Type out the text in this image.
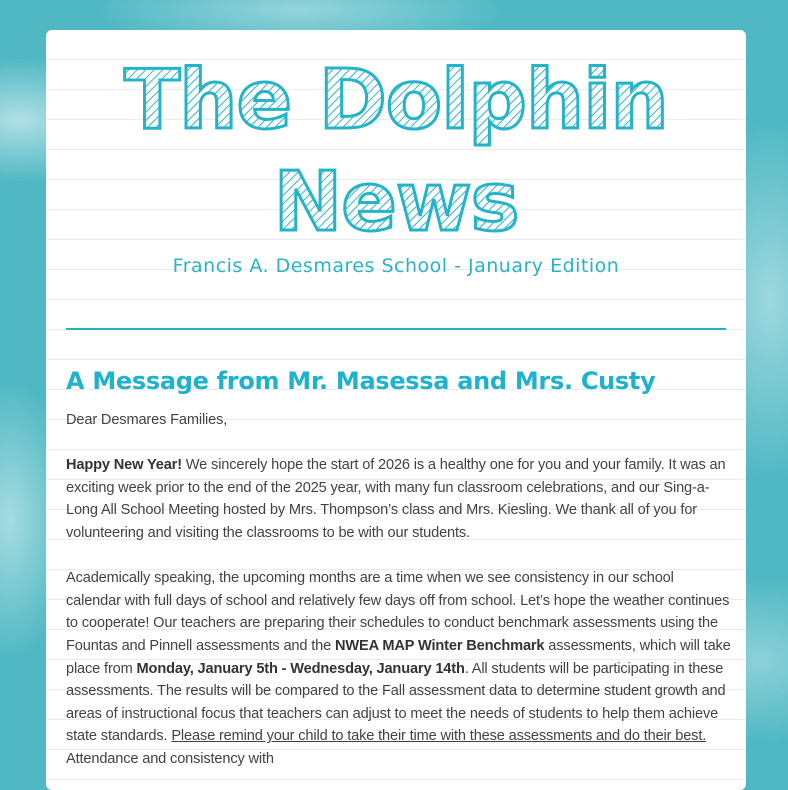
The Dolphin
News
Francis A. Desmares School - January Edition
A Message from Mr. Masessa and Mrs. Custy

Dear Desmares Families,

Happy New Year! We sincerely hope the start of 2026 is a healthy one for you and your family. It was an exciting week prior to the end of the 2025 year, with many fun classroom celebrations, and our Sing-a-Long All School Meeting hosted by Mrs. Thompson’s class and Mrs. Kiesling. We thank all of you for volunteering and visiting the classrooms to be with our students.

Academically speaking, the upcoming months are a time when we see consistency in our school calendar with full days of school and relatively few days off from school. Let’s hope the weather continues to cooperate! Our teachers are preparing their schedules to conduct benchmark assessments using the Fountas and Pinnell assessments and the NWEA MAP Winter Benchmark assessments, which will take place from Monday, January 5th - Wednesday, January 14th. All students will be participating in these assessments. The results will be compared to the Fall assessment data to determine student growth and areas of instructional focus that teachers can adjust to meet the needs of students to help them achieve state standards. Please remind your child to take their time with these assessments and do their best. Attendance and consistency with
